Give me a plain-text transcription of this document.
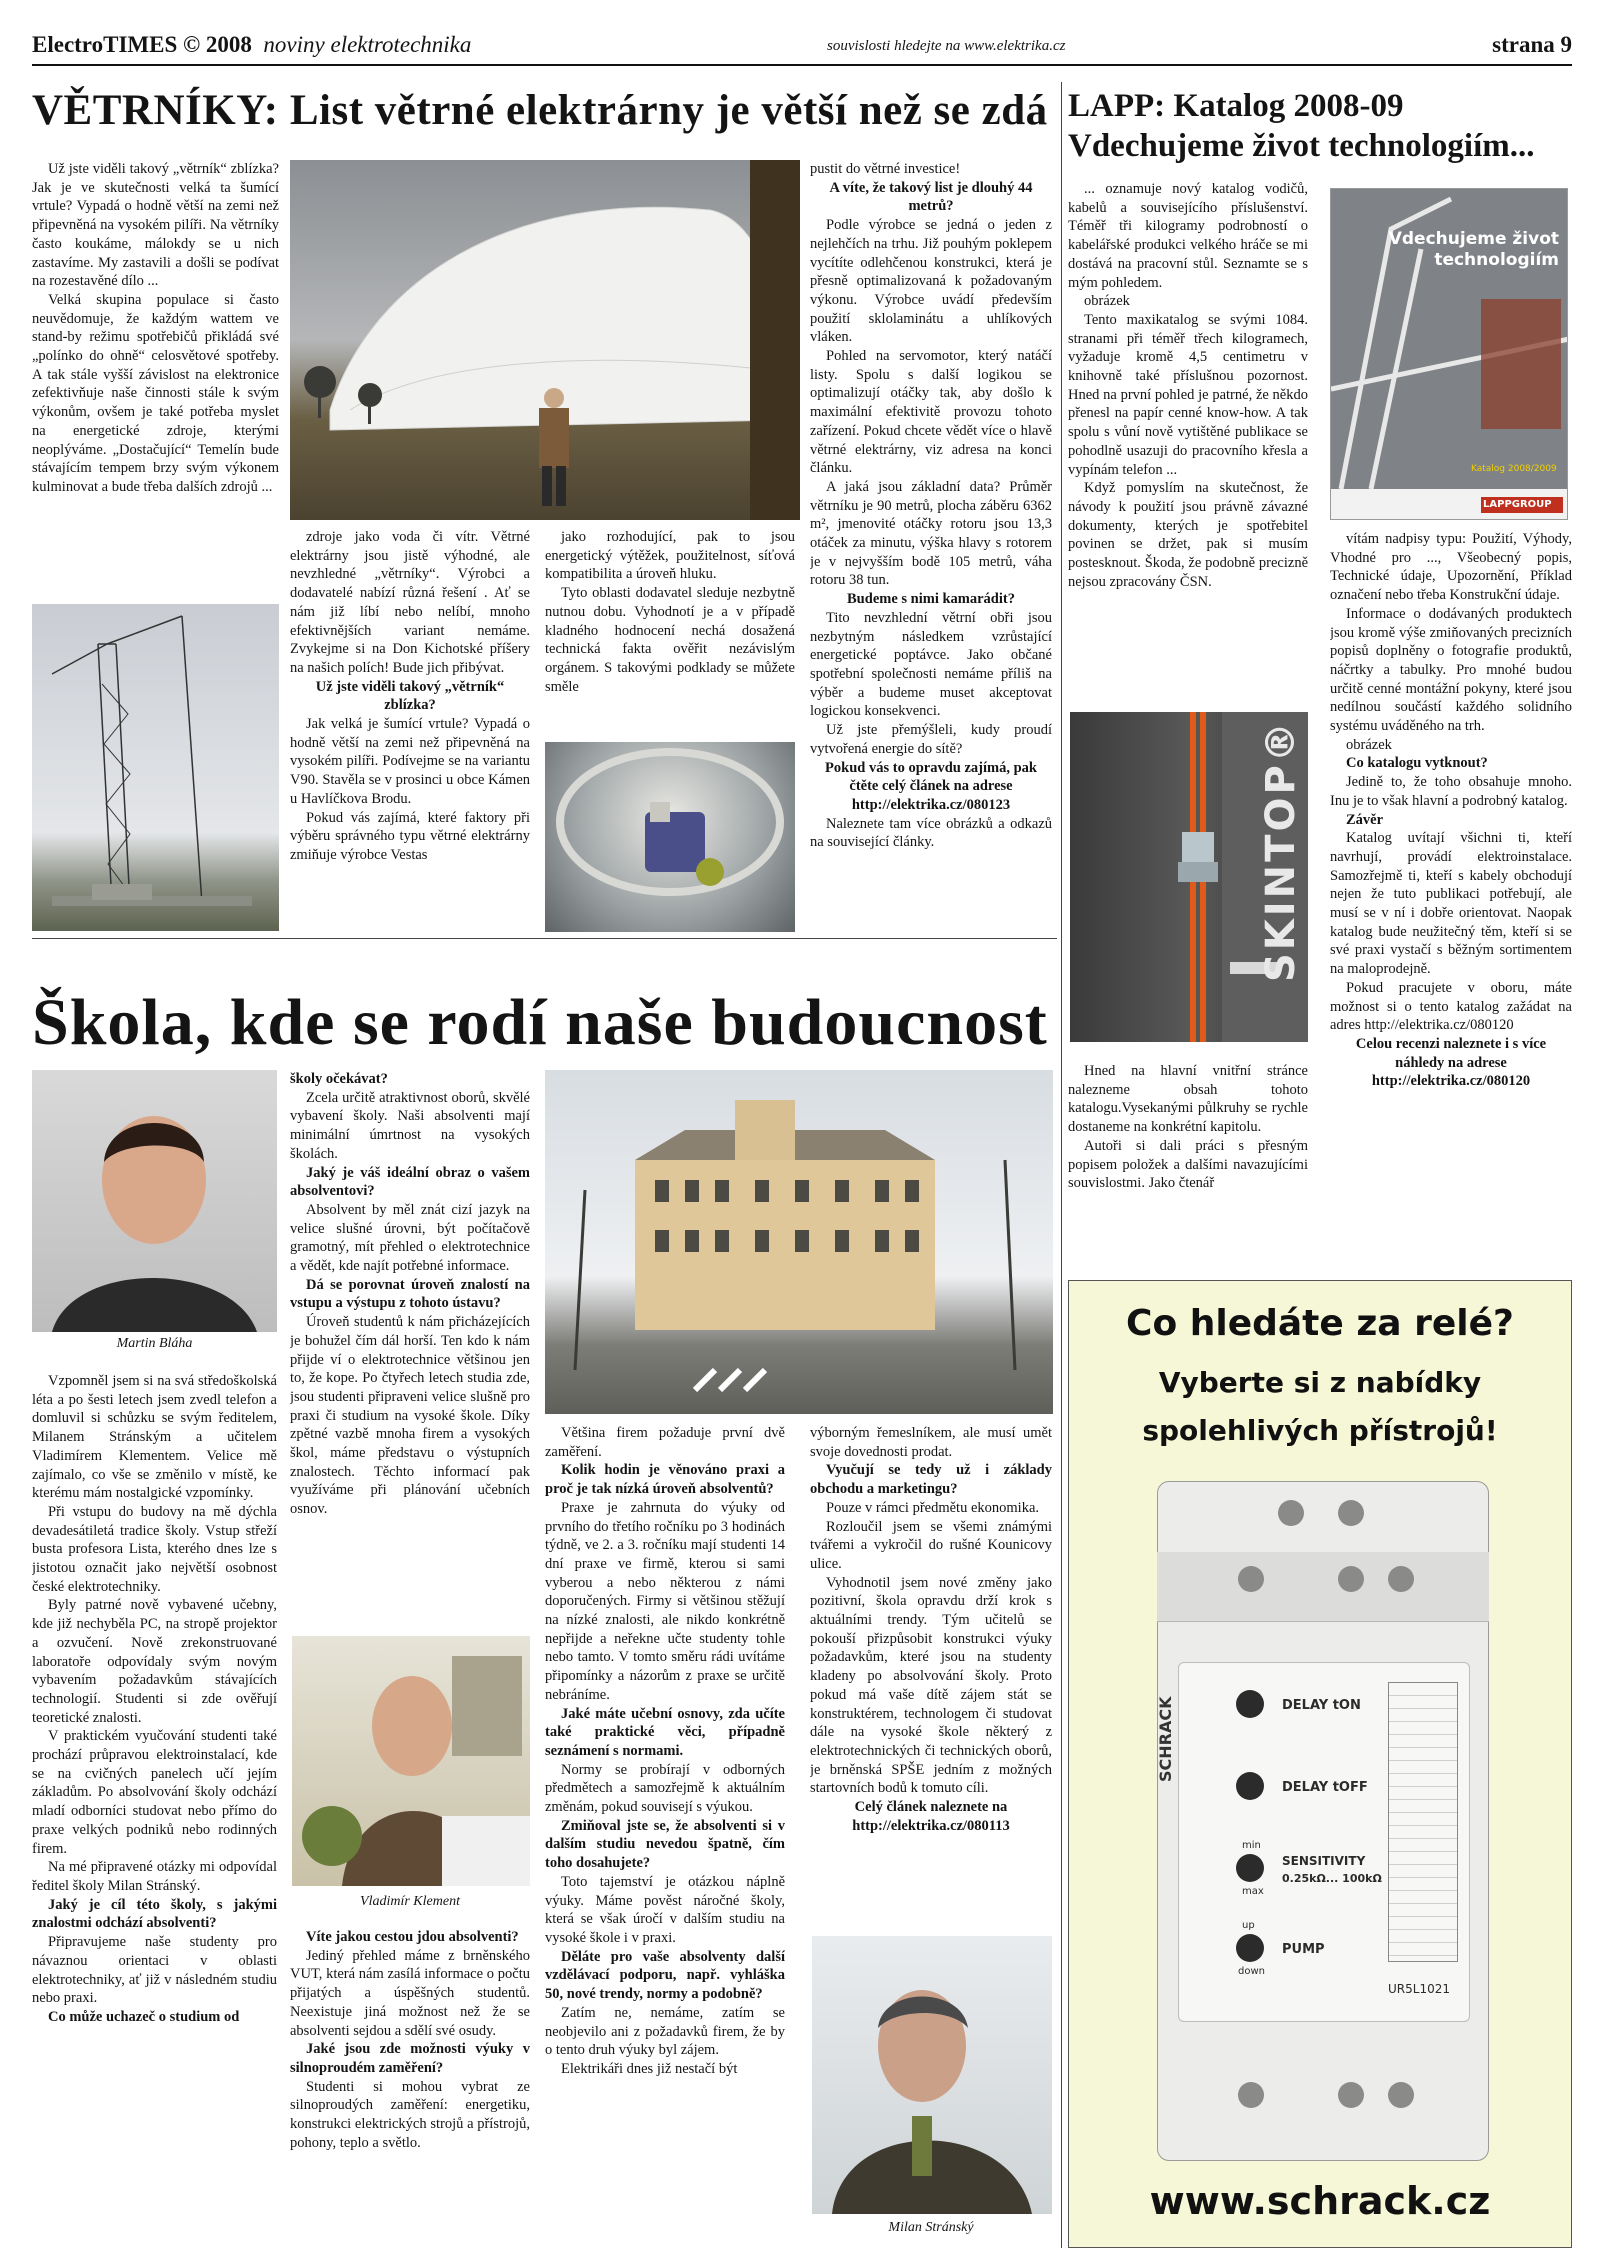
ElectroTIMES © 2008 noviny elektrotechnika	souvislosti hledejte na www.elektrika.cz	strana 9
VĚTRNÍKY: List větrné elektrárny je větší než se zdá

Už jste viděli takový „větrník“ zblízka? Jak je ve skutečnosti velká ta šumící vrtule? Vypadá o hodně větší na zemi než připevněná na vysokém pilíři. Na větrníky často koukáme, málokdy se u nich zastavíme. My zastavili a došli se podívat na rozestavěné dílo ...

Velká skupina populace si často neuvědomuje, že každým wattem ve stand-by režimu spotřebičů přikládá své „polínko do ohně“ celosvětové spotřeby. A tak stále vyšší závislost na elektronice zefektivňuje naše činnosti stále k svým výkonům, ovšem je také potřeba myslet na energetické zdroje, kterými neoplýváme. „Dostačující“ Temelín bude stávajícím tempem brzy svým výkonem kulminovat a bude třeba dalších zdrojů ...

zdroje jako voda či vítr. Větrné elektrárny jsou jistě výhodné, ale nevzhledné „větrníky“. Výrobci a dodavatelé nabízí různá řešení . Ať se nám již líbí nebo nelíbí, mnoho efektivnějších variant nemáme. Zvykejme si na Don Kichotské příšery na našich polích! Bude jich přibývat.

Už jste viděli takový „větrník“ zblízka?

Jak velká je šumící vrtule? Vypadá o hodně větší na zemi než připevněná na vysokém pilíři. Podívejme se na variantu V90. Stavěla se v prosinci u obce Kámen u Havlíčkova Brodu.

Pokud vás zajímá, které faktory při výběru správného typu větrné elektrárny zmiňuje výrobce Vestas

jako rozhodující, pak to jsou energetický výtěžek, použitelnost, síťová kompatibilita a úroveň hluku.

Tyto oblasti dodavatel sleduje nezbytně nutnou dobu. Vyhodnotí je a v případě kladného hodnocení nechá dosažená technická fakta ověřit nezávislým orgánem. S takovými podklady se můžete směle

pustit do větrné investice!

A víte, že takový list je dlouhý 44 metrů?

Podle výrobce se jedná o jeden z nejlehčích na trhu. Již pouhým poklepem vycítíte odlehčenou konstrukci, která je přesně optimalizovaná k požadovaným výkonu. Výrobce uvádí především použití sklolaminátu a uhlíkových vláken.

Pohled na servomotor, který natáčí listy. Spolu s další logikou se optimalizují otáčky tak, aby došlo k maximální efektivitě provozu tohoto zařízení. Pokud chcete vědět více o hlavě větrné elektrárny, viz adresa na konci článku.

A jaká jsou základní data? Průměr větrníku je 90 metrů, plocha záběru 6362 m², jmenovité otáčky rotoru jsou 13,3 otáček za minutu, výška hlavy s rotorem je v nejvyšším bodě 105 metrů, váha rotoru 38 tun.

Budeme s nimi kamarádit?

Tito nevzhlední větrní obři jsou nezbytným následkem vzrůstající energetické poptávce. Jako občané spotřební společnosti nemáme příliš na výběr a budeme muset akceptovat logickou konsekvenci.

Už jste přemýšleli, kudy proudí vytvořená energie do sítě?

Pokud vás to opravdu zajímá, pak čtěte celý článek na adrese

http://elektrika.cz/080123

Naleznete tam více obrázků a odkazů na související články.

LAPP: Katalog 2008-09 Vdechujeme život technologiím...

... oznamuje nový katalog vodičů, kabelů a souvisejícího příslušenství. Téměř tři kilogramy podrobností o kabelářské produkci velkého hráče se mi dostává na pracovní stůl. Seznamte se s mým pohledem.

obrázek

Tento maxikatalog se svými 1084. stranami při téměř třech kilogramech, vyžaduje kromě 4,5 centimetru v knihovně také příslušnou pozornost. Hned na první pohled je patrné, že někdo přenesl na papír cenné know-how. A tak spolu s vůní nově vytištěné publikace se pohodlně usazuji do pracovního křesla a vypínám telefon ...

Když pomyslím na skutečnost, že návody k použití jsou právně závazné dokumenty, kterých je spotřebitel povinen se držet, pak si musím postesknout. Škoda, že podobně precizně nejsou zpracovány ČSN.

Vdechujeme život technologiím
Katalog 2008/2009
LAPPGROUP
SKINTOP®

Hned na hlavní vnitřní stránce nalezneme obsah tohoto katalogu.Vysekanými půlkruhy se rychle dostaneme na konkrétní kapitolu.

Autoři si dali práci s přesným popisem položek a dalšími navazujícími souvislostmi. Jako čtenář

vítám nadpisy typu: Použití, Výhody, Vhodné pro ..., Všeobecný popis, Technické údaje, Upozornění, Příklad označení nebo třeba Konstrukční údaje.

Informace o dodávaných produktech jsou kromě výše zmiňovaných precizních popisů doplněny o fotografie produktů, náčrtky a tabulky. Pro mnohé budou určitě cenné montážní pokyny, které jsou nedílnou součástí každého solidního systému uváděného na trh.

obrázek

Co katalogu vytknout?

Jedině to, že toho obsahuje mnoho. Inu je to však hlavní a podrobný katalog.

Závěr

Katalog uvítají všichni ti, kteří navrhují, provádí elektroinstalace. Samozřejmě ti, kteří s kabely obchodují nejen že tuto publikaci potřebují, ale musí se v ní i dobře orientovat. Naopak katalog bude neužitečný těm, kteří si se své praxi vystačí s běžným sortimentem na maloprodejně.

Pokud pracujete v oboru, máte možnost si o tento katalog zažádat na adres http://elektrika.cz/080120

Celou recenzi naleznete i s více náhledy na adrese

http://elektrika.cz/080120

Škola, kde se rodí naše budoucnost
Martin Bláha

Vzpomněl jsem si na svá středoškolská léta a po šesti letech jsem zvedl telefon a domluvil si schůzku se svým ředitelem, Milanem Stránským a učitelem Vladimírem Klementem. Velice mě zajímalo, co vše se změnilo v místě, ke kterému mám nostalgické vzpomínky.

Při vstupu do budovy na mě dýchla devadesátiletá tradice školy. Vstup střeží busta profesora Lista, kterého dnes lze s jistotou označit jako největší osobnost české elektrotechniky.

Byly patrné nově vybavené učebny, kde již nechyběla PC, na stropě projektor a ozvučení. Nově zrekonstruované laboratoře odpovídaly svým novým vybavením požadavkům stávajících technologií. Studenti si zde ověřují teoretické znalosti.

V praktickém vyučování studenti také prochází průpravou elektroinstalací, kde se na cvičných panelech učí jejím základům. Po absolvování školy odchází mladí odborníci studovat nebo přímo do praxe velkých podniků nebo rodinných firem.

Na mé připravené otázky mi odpovídal ředitel školy Milan Stránský.

Jaký je cíl této školy, s jakými znalostmi odchází absolventi?

Připravujeme naše studenty pro návaznou orientaci v oblasti elektrotechniky, ať již v následném studiu nebo praxi.

Co může uchazeč o studium od

školy očekávat?

Zcela určitě atraktivnost oborů, skvělé vybavení školy. Naši absolventi mají minimální úmrtnost na vysokých školách.

Jaký je váš ideální obraz o vašem absolventovi?

Absolvent by měl znát cizí jazyk na velice slušné úrovni, být počítačově gramotný, mít přehled o elektrotechnice a vědět, kde najít potřebné informace.

Dá se porovnat úroveň znalostí na vstupu a výstupu z tohoto ústavu?

Úroveň studentů k nám přicházejících je bohužel čím dál horší. Ten kdo k nám přijde ví o elektrotechnice většinou jen to, že kope. Po čtyřech letech studia zde, jsou studenti připraveni velice slušně pro praxi či studium na vysoké škole. Díky zpětné vazbě mnoha firem a vysokých škol, máme představu o výstupních znalostech. Těchto informací pak využíváme při plánování učebních osnov.

Vladimír Klement

Víte jakou cestou jdou absolventi?

Jediný přehled máme z brněnského VUT, která nám zasílá informace o počtu přijatých a úspěšných studentů. Neexistuje jiná možnost než že se absolventi sejdou a sdělí své osudy.

Jaké jsou zde možnosti výuky v silnoproudém zaměření?

Studenti si mohou vybrat ze silnoproudých zaměření: energetiku, konstrukci elektrických strojů a přístrojů, pohony, teplo a světlo.

Většina firem požaduje první dvě zaměření.

Kolik hodin je věnováno praxi a proč je tak nízká úroveň absolventů?

Praxe je zahrnuta do výuky od prvního do třetího ročníku po 3 hodinách týdně, ve 2. a 3. ročníku mají studenti 14 dní praxe ve firmě, kterou si sami vyberou a nebo některou z námi doporučených. Firmy si většinou stěžují na nízké znalosti, ale nikdo konkrétně nepřijde a neřekne učte studenty tohle nebo tamto. V tomto směru rádi uvítáme připomínky a názorům z praxe se určitě nebráníme.

Jaké máte učební osnovy, zda učíte také praktické věci, případně seznámení s normami.

Normy se probírají v odborných předmětech a samozřejmě k aktuálním změnám, pokud souvisejí s výukou.

Zmiňoval jste se, že absolventi si v dalším studiu nevedou špatně, čím toho dosahujete?

Toto tajemství je otázkou náplně výuky. Máme pověst náročné školy, která se však úročí v dalším studiu na vysoké škole i v praxi.

Děláte pro vaše absolventy další vzdělávací podporu, např. vyhláška 50, nové trendy, normy a podobně?

Zatím ne, nemáme, zatím se neobjevilo ani z požadavků firem, že by o tento druh výuky byl zájem.

Elektrikáři dnes již nestačí být

výborným řemeslníkem, ale musí umět svoje dovednosti prodat.

Vyučují se tedy už i základy obchodu a marketingu?

Pouze v rámci předmětu ekonomika.

Rozloučil jsem se všemi známými tvářemi a vykročil do rušné Kounicovy ulice.

Vyhodnotil jsem nové změny jako pozitivní, škola opravdu drží krok s aktuálními trendy. Tým učitelů se pokouší přizpůsobit konstrukci výuky požadavkům, které jsou na studenty kladeny po absolvování školy. Proto pokud má vaše dítě zájem stát se konstruktérem, technologem či studovat dále na vysoké škole některý z elektrotechnických či technických oborů, je brněnská SPŠE jedním z možných startovních bodů k tomuto cíli.

Celý článek naleznete na

http://elektrika.cz/080113

Milan Stránský
Co hledáte za relé?
Vyberte si z nabídky
spolehlivých přístrojů!
SCHRACK	DELAY tON
DELAY tOFF
SENSITIVITY
0.25kΩ... 100kΩ
PUMP
up
down
min
max
UR5L1021
www.schrack.cz
